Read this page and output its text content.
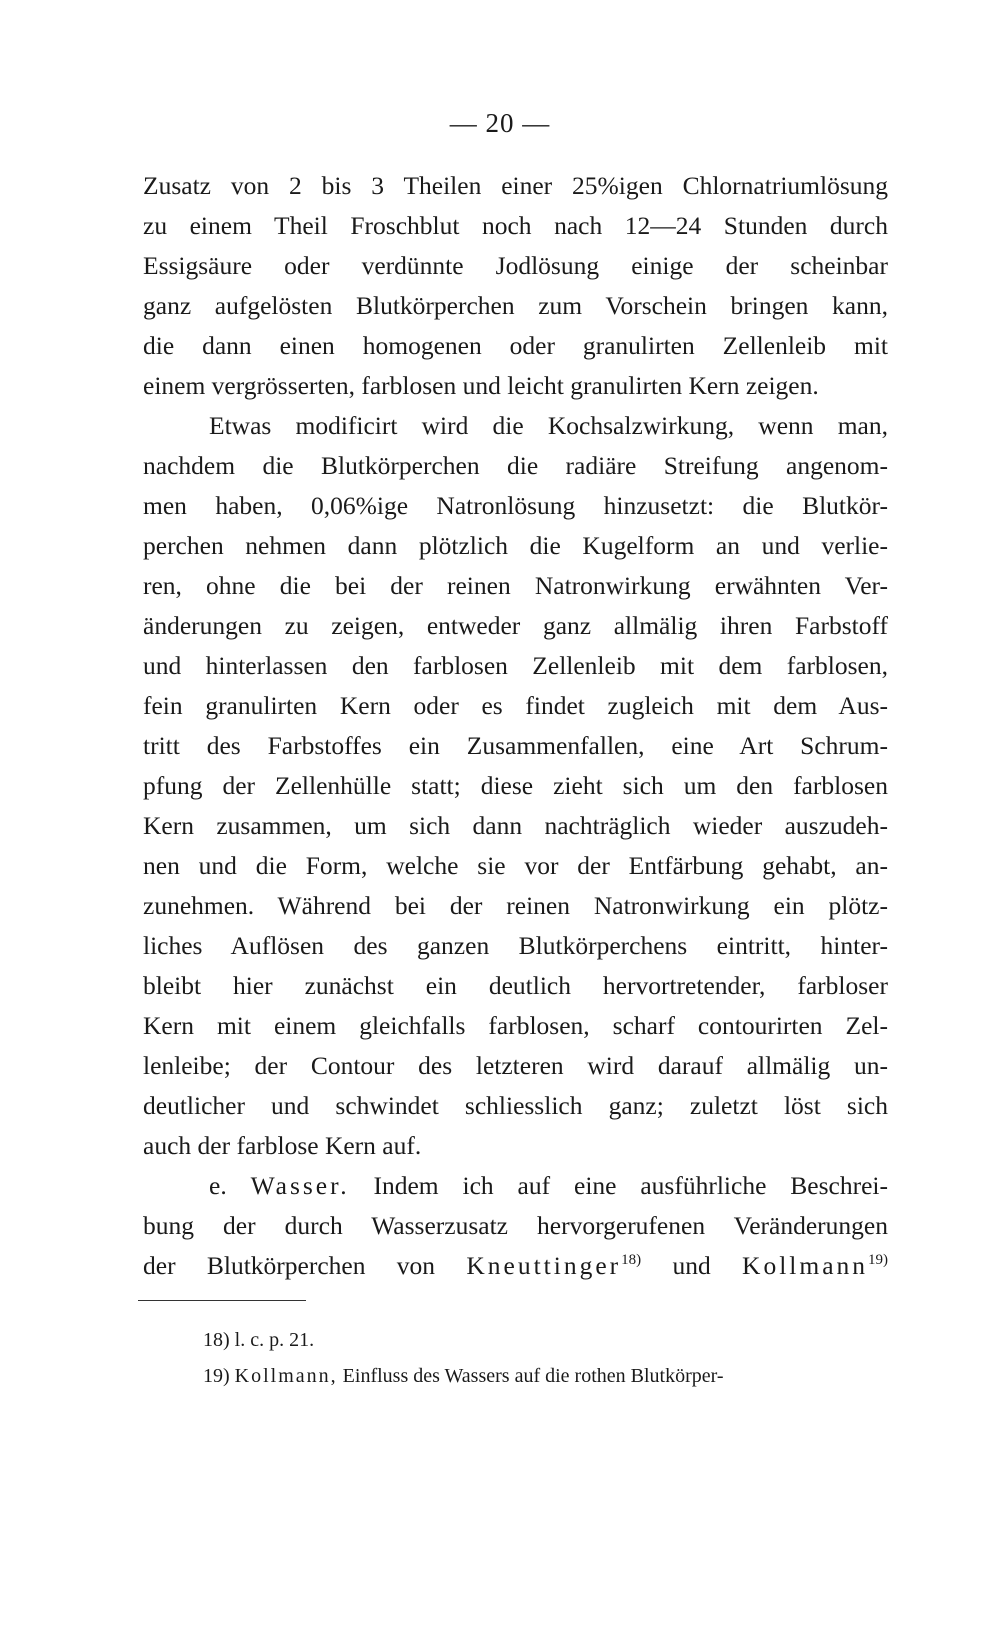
— 20 —
Zusatz von 2 bis 3 Theilen einer 25%igen Chlornatriumlösung
zu einem Theil Froschblut noch nach 12—24 Stunden durch
Essigsäure oder verdünnte Jodlösung einige der scheinbar
ganz aufgelösten Blutkörperchen zum Vorschein bringen kann,
die dann einen homogenen oder granulirten Zellenleib mit
einem vergrösserten, farblosen und leicht granulirten Kern zeigen.
Etwas modificirt wird die Kochsalzwirkung, wenn man,
nachdem die Blutkörperchen die radiäre Streifung angenom-
men haben, 0,06%ige Natronlösung hinzusetzt: die Blutkör-
perchen nehmen dann plötzlich die Kugelform an und verlie-
ren, ohne die bei der reinen Natronwirkung erwähnten Ver-
änderungen zu zeigen, entweder ganz allmälig ihren Farbstoff
und hinterlassen den farblosen Zellenleib mit dem farblosen,
fein granulirten Kern oder es findet zugleich mit dem Aus-
tritt des Farbstoffes ein Zusammenfallen, eine Art Schrum-
pfung der Zellenhülle statt; diese zieht sich um den farblosen
Kern zusammen, um sich dann nachträglich wieder auszudeh-
nen und die Form, welche sie vor der Entfärbung gehabt, an-
zunehmen. Während bei der reinen Natronwirkung ein plötz-
liches Auflösen des ganzen Blutkörperchens eintritt, hinter-
bleibt hier zunächst ein deutlich hervortretender, farbloser
Kern mit einem gleichfalls farblosen, scharf contourirten Zel-
lenleibe; der Contour des letzteren wird darauf allmälig un-
deutlicher und schwindet schliesslich ganz; zuletzt löst sich
auch der farblose Kern auf.
e. Wasser. Indem ich auf eine ausführliche Beschrei-
bung der durch Wasserzusatz hervorgerufenen Veränderungen
der Blutkörperchen von Kneuttinger$^{18)}$ und Kollmann$^{19)}$
18) l. c. p. 21.
19) Kollmann, Einfluss des Wassers auf die rothen Blutkörper-
